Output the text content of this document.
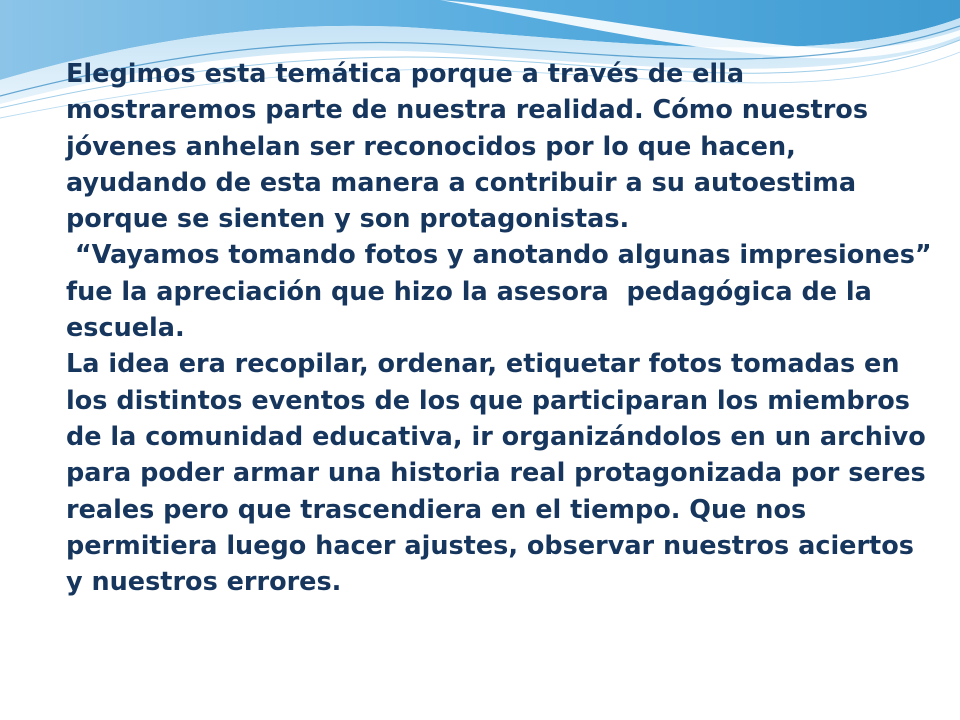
Elegimos esta temática porque a través de ella mostraremos parte de nuestra realidad. Cómo nuestros jóvenes anhelan ser reconocidos por lo que hacen, ayudando de esta manera a contribuir a su autoestima porque se sienten y son protagonistas.

“Vayamos tomando fotos y anotando algunas impresiones” fue la apreciación que hizo la asesora  pedagógica de la escuela.

La idea era recopilar, ordenar, etiquetar fotos tomadas en los distintos eventos de los que participaran los miembros de la comunidad educativa, ir organizándolos en un archivo para poder armar una historia real protagonizada por seres reales pero que trascendiera en el tiempo. Que nos permitiera luego hacer ajustes, observar nuestros aciertos y nuestros errores.
